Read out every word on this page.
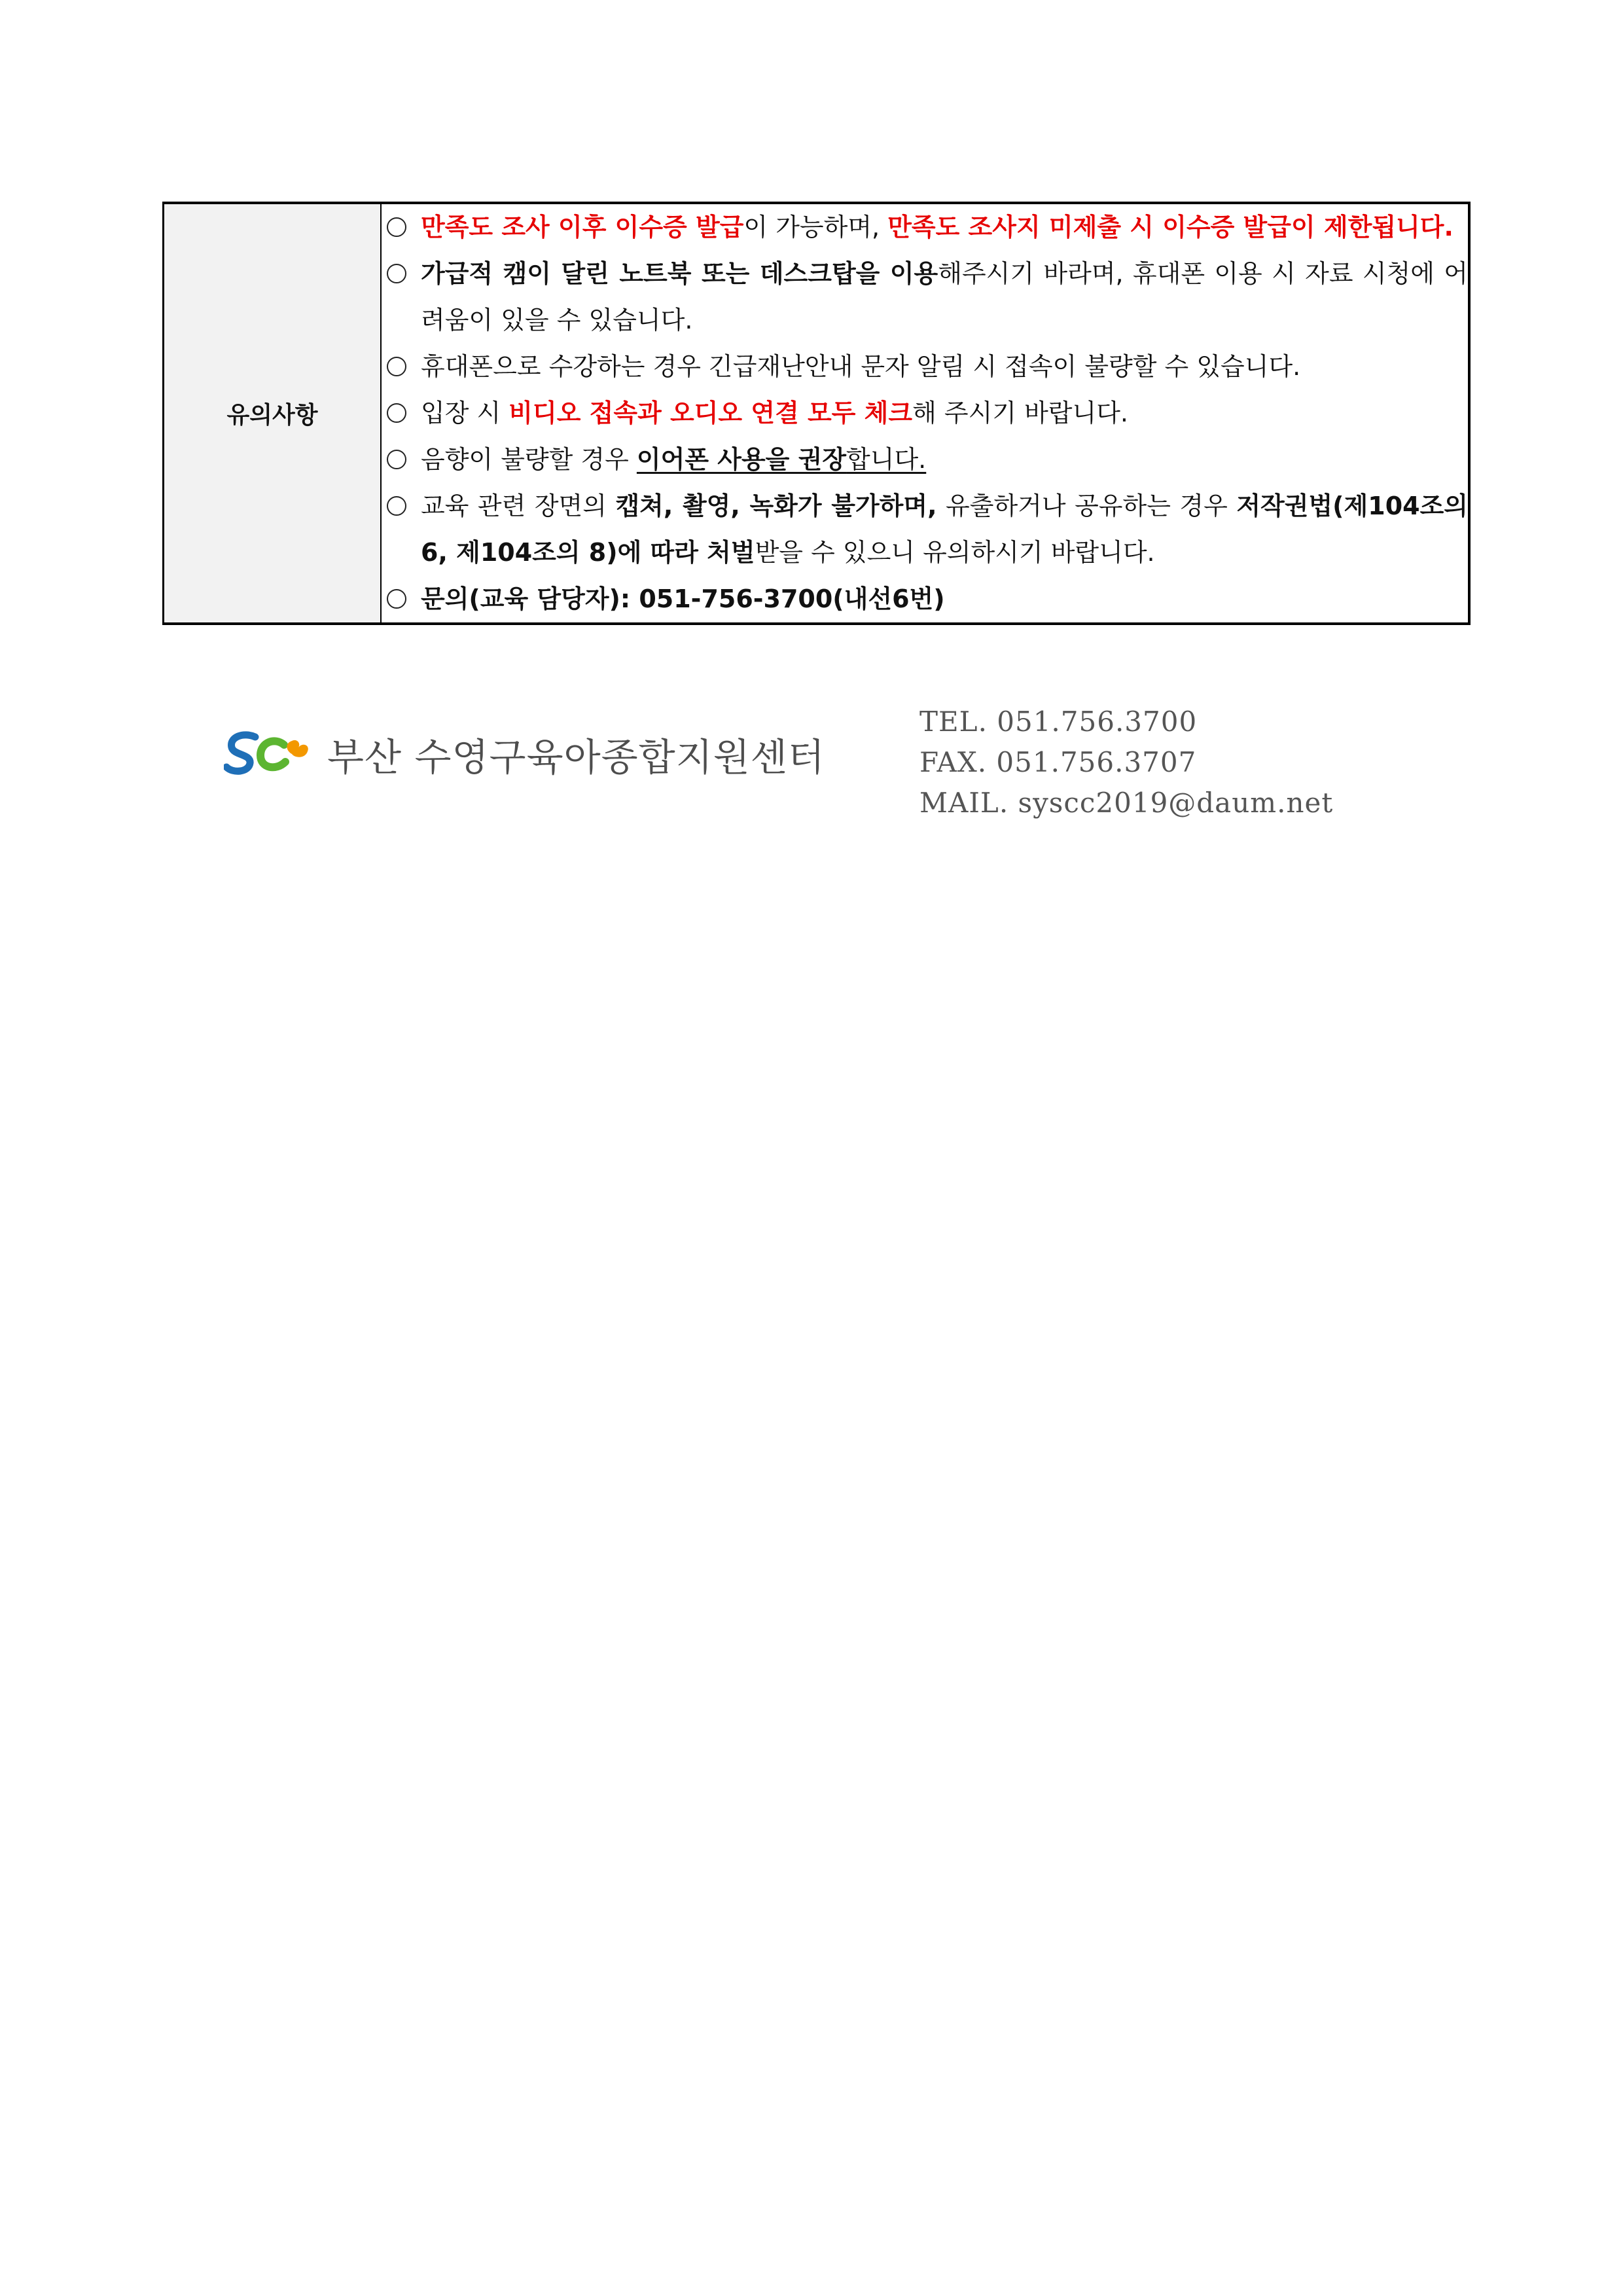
유의사항	

만족도 조사 이후 이수증 발급이 가능하며, 만족도 조사지 미제출 시 이수증 발급이 제한됩니다.

가급적 캠이 달린 노트북 또는 데스크탑을 이용해주시기 바라며, 휴대폰 이용 시 자료 시청에 어려움이 있을 수 있습니다.

휴대폰으로 수강하는 경우 긴급재난안내 문자 알림 시 접속이 불량할 수 있습니다.

입장 시 비디오 접속과 오디오 연결 모두 체크해 주시기 바랍니다.

음향이 불량할 경우 이어폰 사용을 권장합니다.

교육 관련 장면의 캡쳐, 촬영, 녹화가 불가하며, 유출하거나 공유하는 경우 저작권법(제104조의 6, 제104조의 8)에 따라 처벌받을 수 있으니 유의하시기 바랍니다.

문의(교육 담당자): 051-756-3700(내선6번)

부산 수영구육아종합지원센터
TEL. 051.756.3700
FAX. 051.756.3707
MAIL. syscc2019@daum.net
